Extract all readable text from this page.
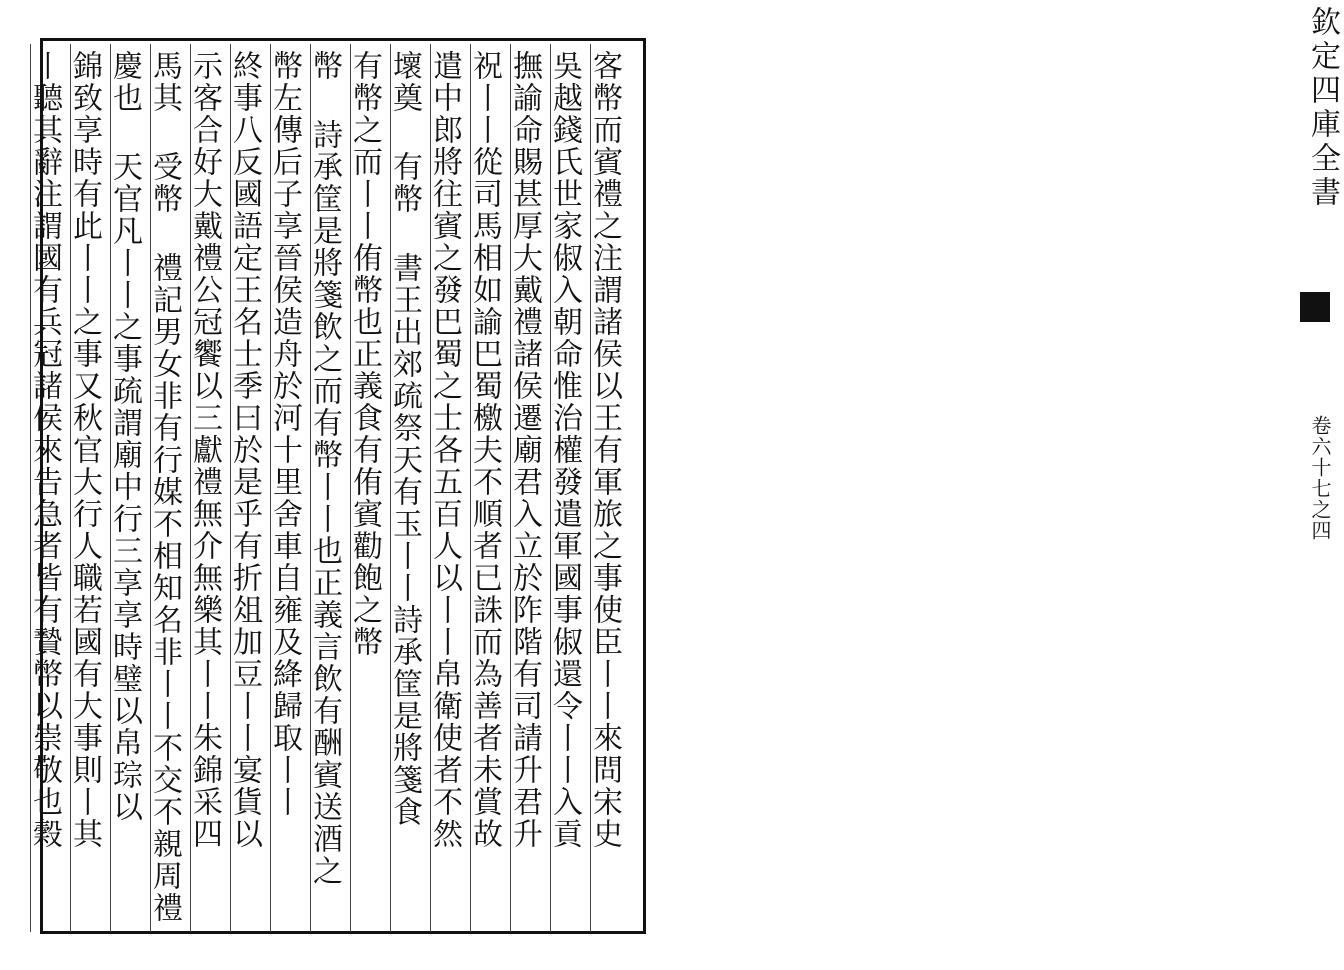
欽定四庫全書
卷六十七之四
客幣而賓禮之注謂諸侯以王有軍旅之事使臣丨丨來問宋史
吳越錢氏世家俶入朝命惟治權發遣軍國事俶還令丨丨入貢
撫諭命賜甚厚大戴禮諸侯遷廟君入立於阼階有司請升君升
祝丨丨從司馬相如諭巴蜀檄夫不順者已誅而為善者未賞故
遣中郎將往賓之發巴蜀之士各五百人以丨丨帛衛使者不然
壞奠 有幣 書王出郊疏祭天有玉丨丨詩承筐是將箋食
有幣之而丨丨侑幣也正義食有侑賓勸飽之幣
幣 詩承筐是將箋飲之而有幣丨丨也正義言飲有酬賓送酒之
幣左傳后子享晉侯造舟於河十里舍車自雍及絳歸取丨丨
終事八反國語定王名士季曰於是乎有折俎加豆丨丨宴貨以
示客合好大戴禮公冠饗以三獻禮無介無樂其丨丨朱錦采四
馬其 受幣 禮記男女非有行媒不相知名非丨丨不交不親周禮
慶也 天官凡丨丨之事疏謂廟中行三享享時璧以帛琮以
錦致享時有此丨丨之事又秋官大行人職若國有大事則丨其
丨聽其辭注謂國有兵冠諸侯來告急者皆有贄幣以崇敬也穀
